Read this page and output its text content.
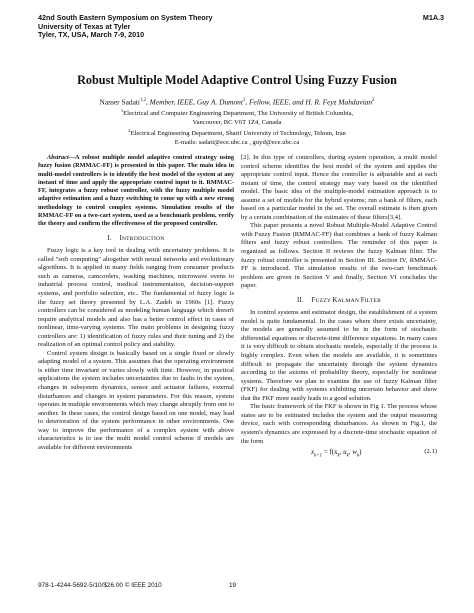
42nd South Eastern Symposium on System Theory
University of Texas at Tyler
Tyler, TX, USA, March 7-9, 2010
M1A.3
Robust Multiple Model Adaptive Control Using Fuzzy Fusion
Nasser Sadati$^{1,2}$, Member, IEEE, Guy A. Dumont$^1$, Fellow, IEEE, and H. R. Feyz Mahdavian$^2$
$^1$Electrical and Computer Engineering Department, The University of British Columbia,
Vancouver, BC V6T 1Z4, Canada
$^2$Electrical Engineering Department, Sharif University of Technology, Tehran, Iran
E-mails: sadati@ece.ubc.ca , guyd@ece.ubc.ca

Abstract—A robust multiple model adaptive control strategy using fuzzy fusion (RMMAC-FF) is presented in this paper. The main idea in multi-model controllers is to identify the best model of the system at any instant of time and apply the appropriate control input to it. RMMAC-FF, integrates a fuzzy robust controller, with the fuzzy multiple model adaptive estimation and a fuzzy switching to come up with a new strong methodology to control complex systems. Simulation results of the RMMAC-FF on a two-cart system, used as a benchmark problem, verify the theory and confirm the effectiveness of the proposed controller.

I. INTRODUCTION

Fuzzy logic is a key tool in dealing with uncertainty problems. It is called "soft computing" altogether with neural networks and evolutionary algorithms. It is applied in many fields ranging from consumer products such as cameras, camcorders, washing machines, microwave ovens to industrial process control, medical instrumentation, decision-support systems, and portfolio selection, etc.. The fundamental of fuzzy logic is the fuzzy set theory presented by L.A. Zadeh in 1960s [1]. Fuzzy controllers can be considered as modeling human language which doesn't require analytical models and also has a better control effect in cases of nonlinear, time-varying systems. The main problems in designing fuzzy controllers are: 1) identification of fuzzy rules and their tuning and 2) the realization of an optimal control policy and stability.

Control system design is basically based on a single fixed or slowly adapting model of a system. This assumes that the operating environment is either time invariant or varies slowly with time. However, in practical applications the system includes uncertainties due to faults in the system, changes in subsystem dynamics, sensor and actuator failures, external disturbances and changes in system parameters. For this reason, system operates in multiple environments which may change abruptly from one to another. In these cases, the control design based on one model, may lead to deterioration of the system performance in other environments. One way to improve the performance of a complex system with above characteristics is to use the multi model control scheme if models are available for different environments

[2]. In this type of controllers, during system operation, a multi model control scheme identifies the best model of the system and applies the appropriate control input. Hence the controller is adjustable and at each instant of time, the control strategy may vary based on the identified model. The basic idea of the multiple-model estimation approach is to assume a set of models for the hybrid systems; run a bank of filters, each based on a particular model in the set. The overall estimate is then given by a certain combination of the estimates of these filters[3,4].

This paper presents a novel Robust Multiple-Model Adaptive Control with Fuzzy Fusion (RMMAC-FF) that combines a bank of fuzzy Kalman filters and fuzzy robust controllers. The reminder of this paper is organized as follows. Section II reviews the fuzzy Kalman filter. The fuzzy robust controller is presented in Section III. Section IV, RMMAC-FF is introduced. The simulation results of the two-cart benchmark problem are given in Section V and finally, Section VI concludes the paper.

II. FUZZY KALMAN FILTER

In control systems and estimator design, the establishment of a system model is quite fundamental. In the cases where there exists uncertainty, the models are generally assumed to be in the form of stochastic differential equations or discrete-time difference equations. In many cases it is very difficult to obtain stochastic models, especially if the process is highly complex. Even when the models are available, it is sometimes difficult to propagate the uncertainty through the system dynamics according to the axioms of probability theory, especially for nonlinear systems. Therefore we plan to examine the use of fuzzy Kalman filter (FKF) for dealing with systems exhibiting uncertain behavior and show that the FKF more easily leads to a good solution.

The basic framework of the FKF is shown in Fig 1. The process whose states are to be estimated includes the system and the output measuring device, each with corresponding disturbances. As shown in Fig.1, the system's dynamics are expressed by a discrete-time stochastic equation of the form

$x_{k+1} = f(x_k$, $u_k$, $w_k$)	(2.1)
978-1-4244-5692-5/10/$26.00 © IEEE 2010	19
